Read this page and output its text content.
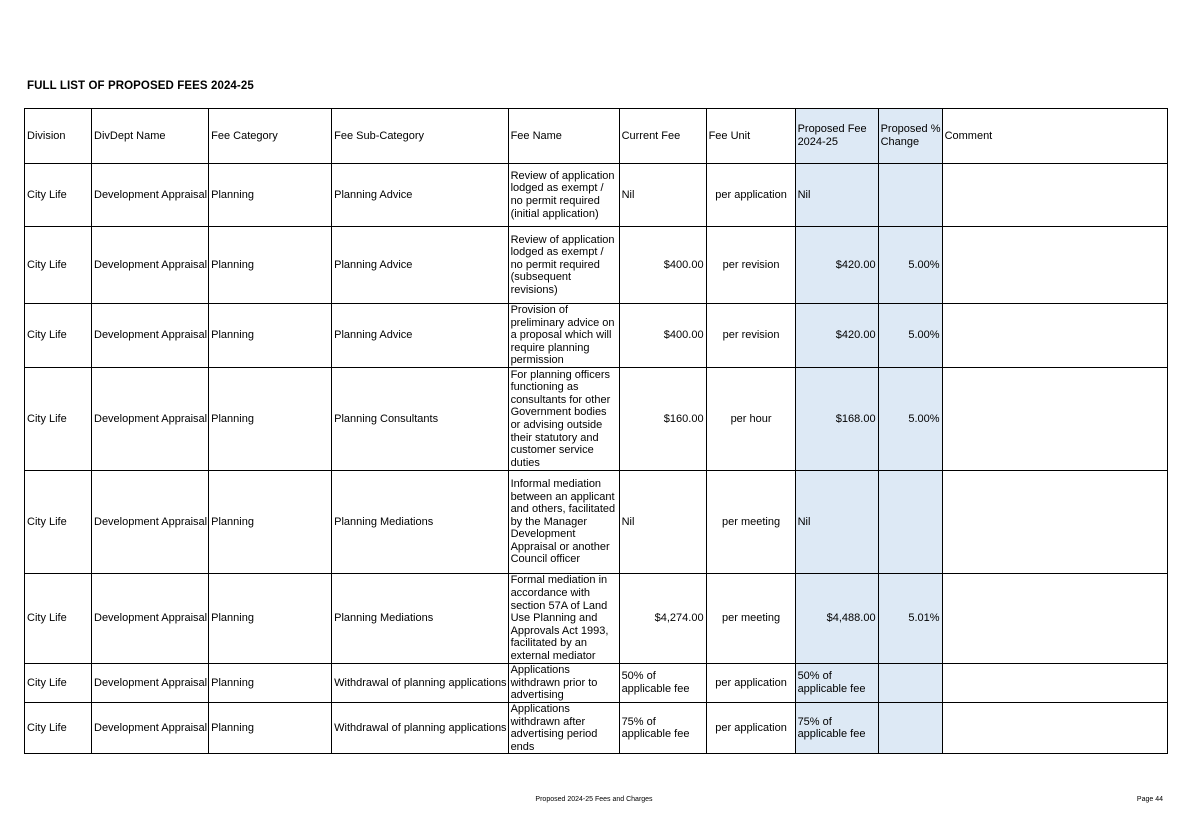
FULL LIST OF PROPOSED FEES 2024-25
Division	DivDept Name	Fee Category	Fee Sub-Category	Fee Name	Current Fee	Fee Unit	Proposed Fee 2024-25	Proposed % Change	Comment
City Life	Development Appraisal	Planning	Planning Advice	Review of application lodged as exempt / no permit required (initial application)	Nil	per application	Nil		
City Life	Development Appraisal	Planning	Planning Advice	Review of application lodged as exempt / no permit required (subsequent revisions)	$400.00	per revision	$420.00	5.00%	
City Life	Development Appraisal	Planning	Planning Advice	Provision of preliminary advice on a proposal which will require planning permission	$400.00	per revision	$420.00	5.00%	
City Life	Development Appraisal	Planning	Planning Consultants	For planning officers functioning as consultants for other Government bodies or advising outside their statutory and customer service duties	$160.00	per hour	$168.00	5.00%	
City Life	Development Appraisal	Planning	Planning Mediations	Informal mediation between an applicant and others, facilitated by the Manager Development Appraisal or another Council officer	Nil	per meeting	Nil		
City Life	Development Appraisal	Planning	Planning Mediations	Formal mediation in accordance with section 57A of Land Use Planning and Approvals Act 1993, facilitated by an external mediator	$4,274.00	per meeting	$4,488.00	5.01%	
City Life	Development Appraisal	Planning	Withdrawal of planning applications	Applications withdrawn prior to advertising	50% of applicable fee	per application	50% of applicable fee		
City Life	Development Appraisal	Planning	Withdrawal of planning applications	Applications withdrawn after advertising period ends	75% of applicable fee	per application	75% of applicable fee		
Proposed 2024-25 Fees and Charges	Page 44
